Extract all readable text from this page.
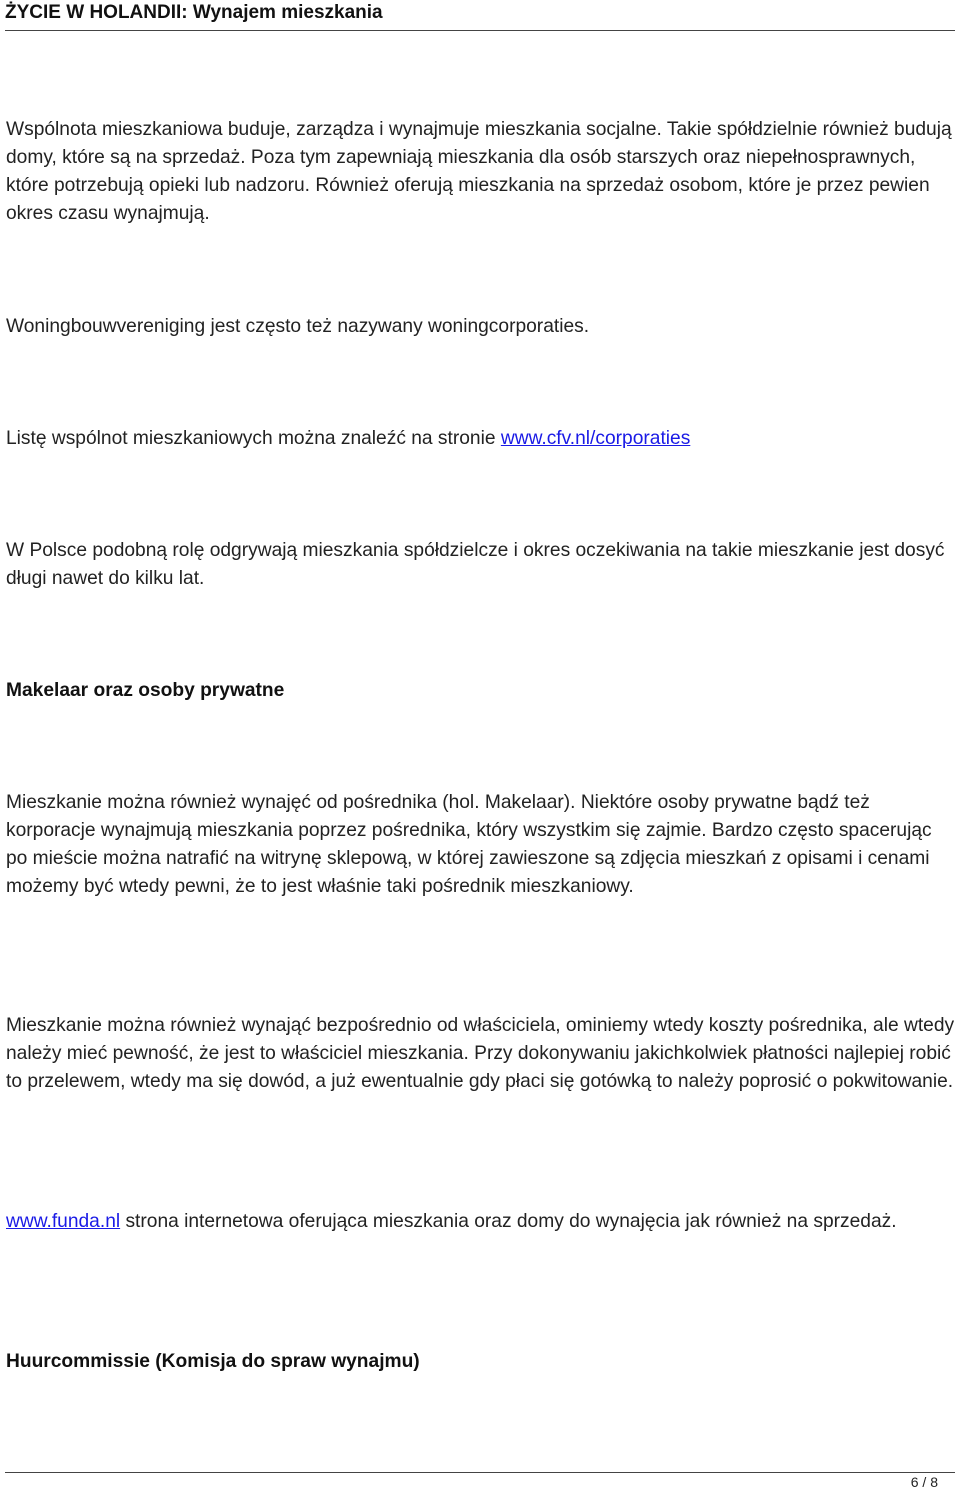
ŻYCIE W HOLANDII: Wynajem mieszkania

Wspólnota mieszkaniowa buduje, zarządza i wynajmuje mieszkania socjalne. Takie spółdzielnie również budują domy, które są na sprzedaż. Poza tym zapewniają mieszkania dla osób starszych oraz niepełnosprawnych, które potrzebują opieki lub nadzoru. Również oferują mieszkania na sprzedaż osobom, które je przez pewien okres czasu wynajmują.

Woningbouwvereniging jest często też nazywany woningcorporaties.

Listę wspólnot mieszkaniowych można znaleźć na stronie www.cfv.nl/corporaties

W Polsce podobną rolę odgrywają mieszkania spółdzielcze i okres oczekiwania na takie mieszkanie jest dosyć długi nawet do kilku lat.

Makelaar oraz osoby prywatne

Mieszkanie można również wynajęć od pośrednika (hol. Makelaar). Niektóre osoby prywatne bądź też korporacje wynajmują mieszkania poprzez pośrednika, który wszystkim się zajmie. Bardzo często spacerując po mieście można natrafić na witrynę sklepową, w której zawieszone są zdjęcia mieszkań z opisami i cenami możemy być wtedy pewni, że to jest właśnie taki pośrednik mieszkaniowy.

Mieszkanie można również wynająć bezpośrednio od właściciela, ominiemy wtedy koszty pośrednika, ale wtedy należy mieć pewność, że jest to właściciel mieszkania. Przy dokonywaniu jakichkolwiek płatności najlepiej robić to przelewem, wtedy ma się dowód, a już ewentualnie gdy płaci się gotówką to należy poprosić o pokwitowanie.

www.funda.nl strona internetowa oferująca mieszkania oraz domy do wynajęcia jak również na sprzedaż.

Huurcommissie (Komisja do spraw wynajmu)

6 / 8
